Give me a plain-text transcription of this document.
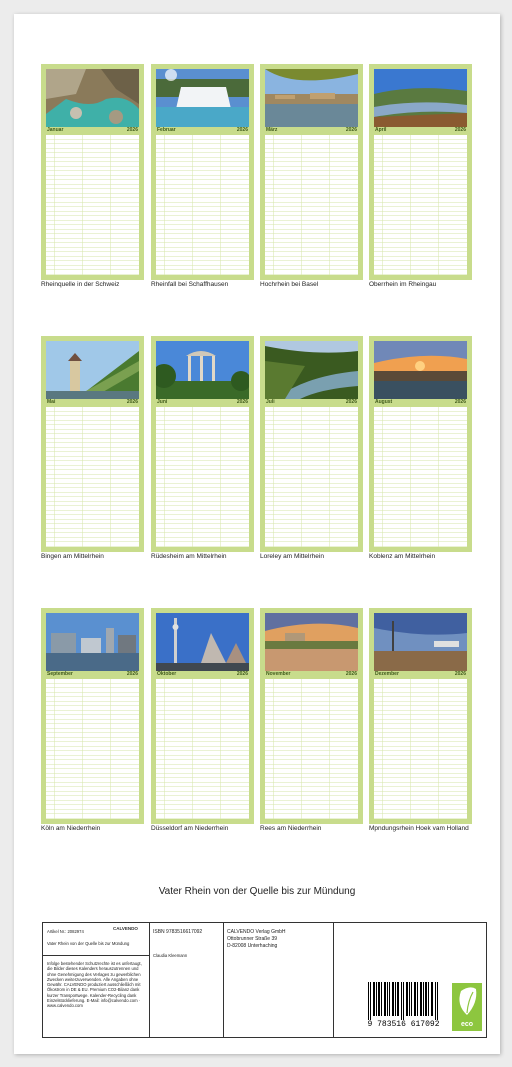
Januar	2026
Rheinquelle in der Schweiz
Februar	2026
Rheinfall bei Schaffhausen
März	2026
Hochrhein bei Basel
April	2026
Oberrhein im Rheingau
Mai	2026
Bingen am Mittelrhein
Juni	2026
Rüdesheim am Mittelrhein
Juli	2026
Loreley am Mittelrhein
August	2026
Koblenz am Mittelrhein
September	2026
Köln am Niederrhein
Oktober	2026
Düsseldorf am Niederrhein
November	2026
Rees am Niederrhein
Dezember	2026
Mpndungsrhein Hoek vam Holland
Vater Rhein von der Quelle bis zur Mündung
Artikel Nr.: 2082974
CALVENDO
Vater Rhein von der Quelle bis zur Mündung
Infolge bestehender Schutzrechte ist es unfertaugt, die Bilder dieses Kalenders herauszutrennen und ohne Genehmigung des Verlages zu gewerblichen Zwecken weiterzuverwenden. Alle Angaben ohne Gewähr. CALVENDO produziert ausschließlich mit Ökostrom in DE & EU. Premium CO2-Bilanz dank kurzer Transportwege. Kalender-Recycling dank Einzelstücklieferung. E-Mail: info@calvendo.com · www.calvendo.com
ISBN 9783516617092
Claudia Kleemann
CALVENDO Verlag GmbH
Ottobrunner Straße 39
D-82008 Unterhaching
9 783516 617092	eco
